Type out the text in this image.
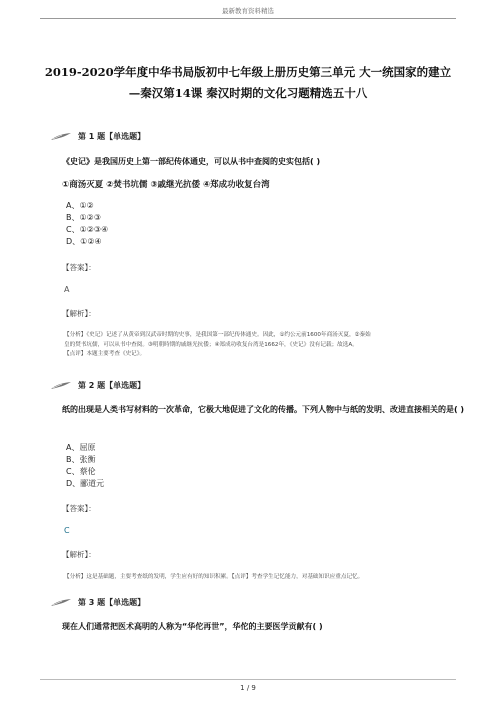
最新教育资料精选
2019-2020学年度中华书局版初中七年级上册历史第三单元 大一统国家的建立
—秦汉第14课 秦汉时期的文化习题精选五十八
第 1 题【单选题】
《史记》是我国历史上第一部纪传体通史，可以从书中查阅的史实包括( )
①商汤灭夏 ②焚书坑儒 ③戚继光抗倭 ④郑成功收复台湾
A、①②
B、①②③
C、①②③④
D、①②④
【答案】：
A
【解析】：
【分析】《史记》记述了从黄帝到汉武帝时期的史事，是我国第一部纪传体通史。因此，①约公元前1600年商汤灭夏，②秦始
皇的焚书坑儒，可以从书中查阅。③明朝時期的戚继光抗倭；④郑成功收复台湾是1662年，《史记》没有记载；故选A。
【点评】本题主要考查《史记》。
第 2 题【单选题】
纸的出现是人类书写材料的一次革命，它极大地促进了文化的传播。下列人物中与纸的发明、改进直接相关的是( )
A、屈原
B、张衡
C、蔡伦
D、郦道元
【答案】：
C
【解析】：
【分析】这是基础题，主要考查纸的发明，学生应有好的知识积累。【点评】考查学生记忆能力，对基础知识应重点记忆。
第 3 题【单选题】
现在人们通常把医术高明的人称为“华佗再世”，华佗的主要医学贡献有( )
1 / 9
